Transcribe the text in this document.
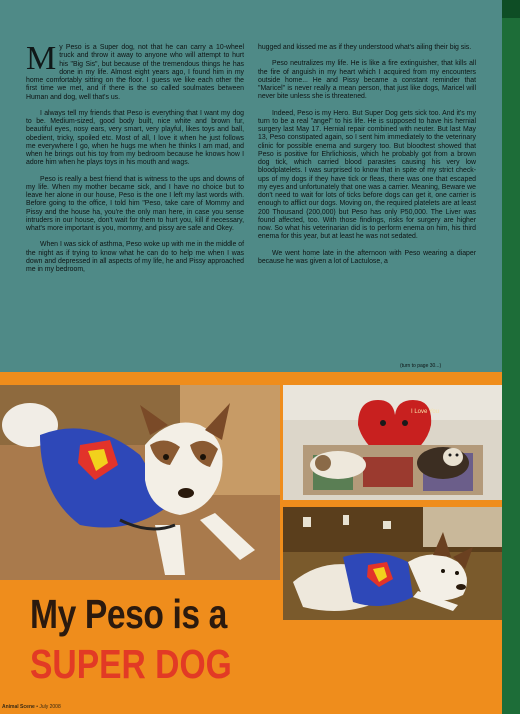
My Peso is a Super dog, not that he can carry a 10-wheel truck and throw it away to anyone who will attempt to hurt his "Big Sis", but because of the tremendous things he has done in my life. Almost eight years ago, I found him in my home comfortably sitting on the floor. I guess we like each other the first time we met, and if there is the so called soulmates between Human and dog, well that's us.

I always tell my friends that Peso is everything that I want my dog to be. Medium-sized, good body built, nice white and brown fur, beautiful eyes, nosy ears, very smart, very playful, likes toys and ball, obedient, tricky, spoiled etc. Most of all, I love it when he just follows me everywhere I go, when he hugs me when he thinks I am mad, and when he brings out his toy from my bedroom because he knows how I adore him when he plays toys in his mouth and wags.

Peso is really a best friend that is witness to the ups and downs of my life. When my mother became sick, and I have no choice but to leave her alone in our house, Peso is the one I left my last words with. Before going to the office, I told him "Peso, take care of Mommy and Pissy and the house ha, you're the only man here, in case you sense intruders in our house, don't wait for them to hurt you, kill if necessary, what's more important is you, mommy, and pissy are safe and Okey.

When I was sick of asthma, Peso woke up with me in the middle of the night as if trying to know what he can do to help me when I was down and depressed in all aspects of my life, he and Pissy approached me in my bedroom,

hugged and kissed me as if they understood what's ailing their big sis.

Peso neutralizes my life. He is like a fire extinguisher, that kills all the fire of anguish in my heart which I acquired from my encounters outside home... He and Pissy became a constant reminder that "Maricel" is never really a mean person, that just like dogs, Maricel will never bite unless she is threatened.

Indeed, Peso is my Hero. But Super Dog gets sick too. And it's my turn to be a real "angel" to his life. He is supposed to have his hernial surgery last May 17. Hernial repair combined with neuter. But last May 13, Peso constipated again, so I sent him immediately to the veterinary clinic for possible enema and surgery too. But bloodtest showed that Peso is positive for Ehrlichiosis, which he probably got from a brown dog tick, which carried blood parasites causing his very low bloodplatelets. I was surprised to know that in spite of my strict check-ups of my dogs if they have tick or fleas, there was one that escaped my eyes and unfortunately that one was a carrier. Meaning, Beware we don't need to wait for lots of ticks before dogs can get it, one carrier is enough to afflict our dogs. Moving on, the required platelets are at least 200 Thousand (200,000) but Peso has only P50,000. The Liver was found affected, too. With those findings, risks for surgery are higher now. So what his veterinarian did is to perform enema on him, his third enema for this year, but at least he was not sedated.

We went home late in the afternoon with Peso wearing a diaper because he was given a lot of Lactulose, a

(turn to page 30...)
I Love You
My Peso is a
SUPER DOG
Animal Scene • July 2008
